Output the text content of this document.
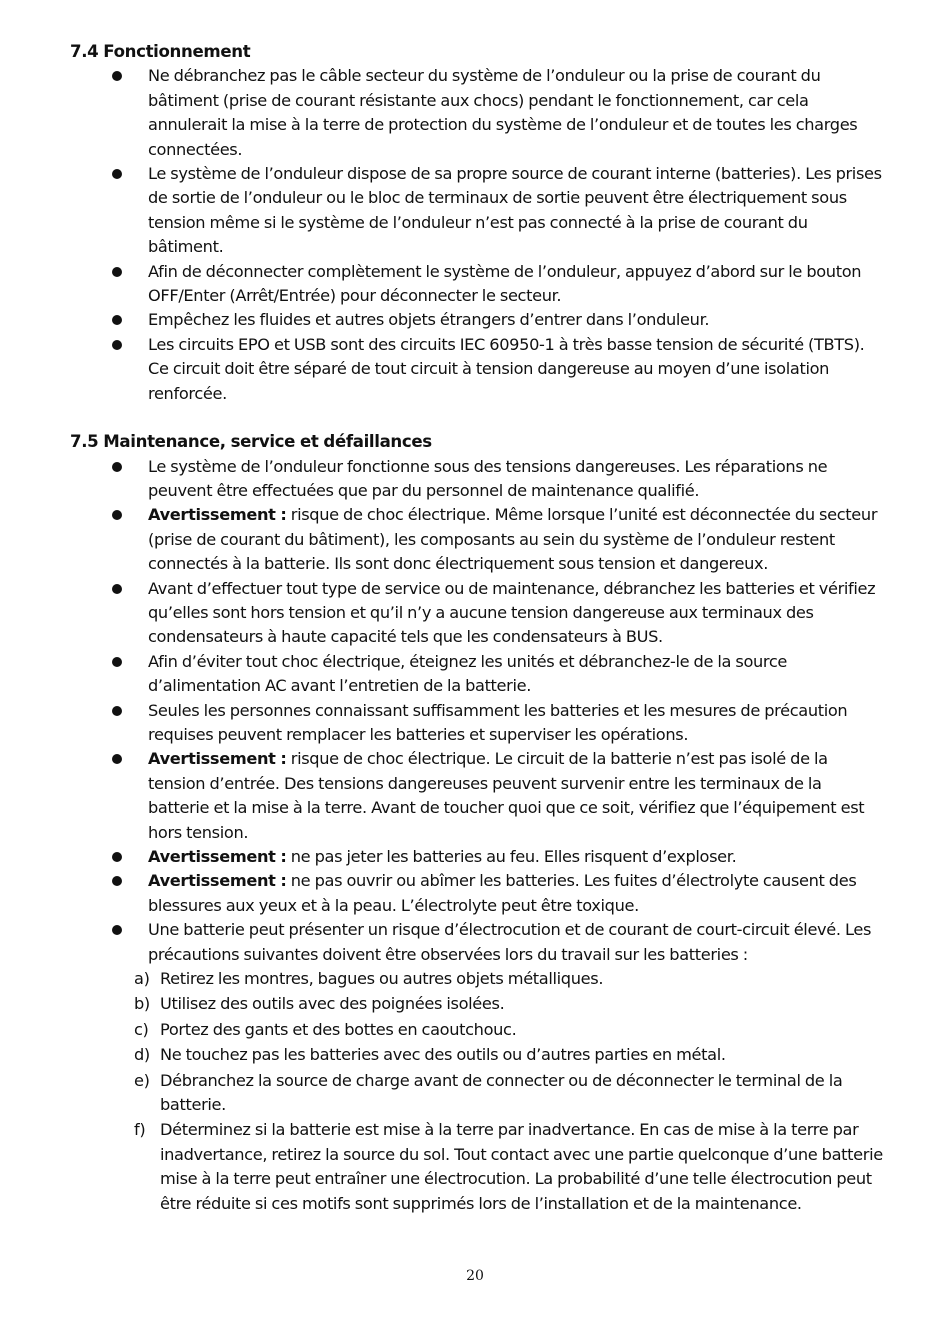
7.4 Fonctionnement
Ne débranchez pas le câble secteur du système de l’onduleur ou la prise de courant du bâtiment (prise de courant résistante aux chocs) pendant le fonctionnement, car cela annulerait la mise à la terre de protection du système de l’onduleur et de toutes les charges connectées.
Le système de l’onduleur dispose de sa propre source de courant interne (batteries). Les prises de sortie de l’onduleur ou le bloc de terminaux de sortie peuvent être électriquement sous tension même si le système de l’onduleur n’est pas connecté à la prise de courant du bâtiment.
Afin de déconnecter complètement le système de l’onduleur, appuyez d’abord sur le bouton OFF/Enter (Arrêt/Entrée) pour déconnecter le secteur.
Empêchez les fluides et autres objets étrangers d’entrer dans l’onduleur.
Les circuits EPO et USB sont des circuits IEC 60950-1 à très basse tension de sécurité (TBTS). Ce circuit doit être séparé de tout circuit à tension dangereuse au moyen d’une isolation renforcée.
7.5 Maintenance, service et défaillances
Le système de l’onduleur fonctionne sous des tensions dangereuses. Les réparations ne peuvent être effectuées que par du personnel de maintenance qualifié.
Avertissement : risque de choc électrique. Même lorsque l’unité est déconnectée du secteur (prise de courant du bâtiment), les composants au sein du système de l’onduleur restent connectés à la batterie. Ils sont donc électriquement sous tension et dangereux.
Avant d’effectuer tout type de service ou de maintenance, débranchez les batteries et vérifiez qu’elles sont hors tension et qu’il n’y a aucune tension dangereuse aux terminaux des condensateurs à haute capacité tels que les condensateurs à BUS.
Afin d’éviter tout choc électrique, éteignez les unités et débranchez-le de la source d’alimentation AC avant l’entretien de la batterie.
Seules les personnes connaissant suffisamment les batteries et les mesures de précaution requises peuvent remplacer les batteries et superviser les opérations.
Avertissement : risque de choc électrique. Le circuit de la batterie n’est pas isolé de la tension d’entrée. Des tensions dangereuses peuvent survenir entre les terminaux de la batterie et la mise à la terre. Avant de toucher quoi que ce soit, vérifiez que l’équipement est hors tension.
Avertissement : ne pas jeter les batteries au feu. Elles risquent d’exploser.
Avertissement : ne pas ouvrir ou abîmer les batteries. Les fuites d’électrolyte causent des blessures aux yeux et à la peau. L’électrolyte peut être toxique.
Une batterie peut présenter un risque d’électrocution et de courant de court-circuit élevé. Les précautions suivantes doivent être observées lors du travail sur les batteries :
a) Retirez les montres, bagues ou autres objets métalliques.
b) Utilisez des outils avec des poignées isolées.
c) Portez des gants et des bottes en caoutchouc.
d) Ne touchez pas les batteries avec des outils ou d’autres parties en métal.
e) Débranchez la source de charge avant de connecter ou de déconnecter le terminal de la batterie.
f) Déterminez si la batterie est mise à la terre par inadvertance. En cas de mise à la terre par inadvertance, retirez la source du sol. Tout contact avec une partie quelconque d’une batterie mise à la terre peut entraîner une électrocution. La probabilité d’une telle électrocution peut être réduite si ces motifs sont supprimés lors de l’installation et de la maintenance.
20
